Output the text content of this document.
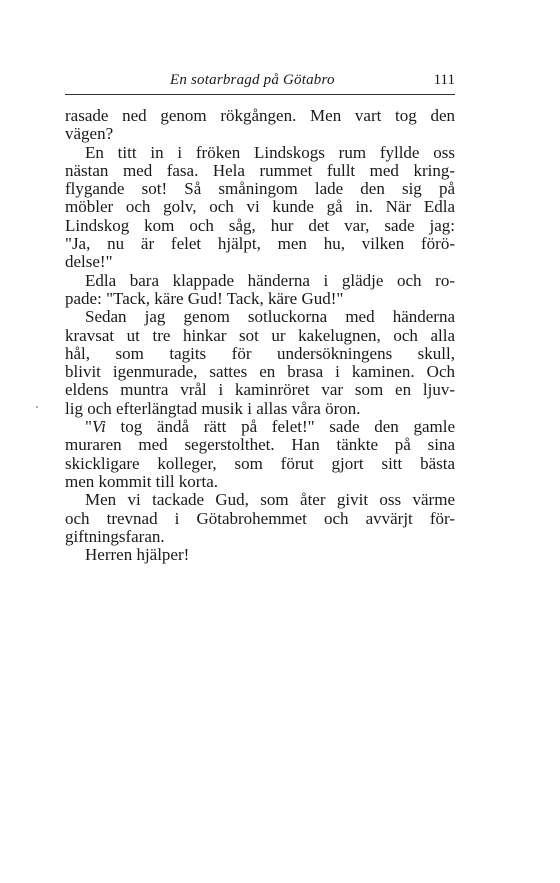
En sotarbragd på Götabro	111
rasade ned genom rökgången. Men vart tog den
vägen?
En titt in i fröken Lindskogs rum fyllde oss
nästan med fasa. Hela rummet fullt med kring-
flygande sot! Så småningom lade den sig på
möbler och golv, och vi kunde gå in. När Edla
Lindskog kom och såg, hur det var, sade jag:
"Ja, nu är felet hjälpt, men hu, vilken förö-
delse!"
Edla bara klappade händerna i glädje och ro-
pade: "Tack, käre Gud! Tack, käre Gud!"
Sedan jag genom sotluckorna med händerna
kravsat ut tre hinkar sot ur kakelugnen, och alla
hål, som tagits för undersökningens skull,
blivit igenmurade, sattes en brasa i kaminen. Och
eldens muntra vrål i kaminröret var som en ljuv-
lig och efterlängtad musik i allas våra öron.
"Vi tog ändå rätt på felet!" sade den gamle
muraren med segerstolthet. Han tänkte på sina
skickligare kolleger, som förut gjort sitt bästa
men kommit till korta.
Men vi tackade Gud, som åter givit oss värme
och trevnad i Götabrohemmet och avvärjt för-
giftningsfaran.
Herren hjälper!
